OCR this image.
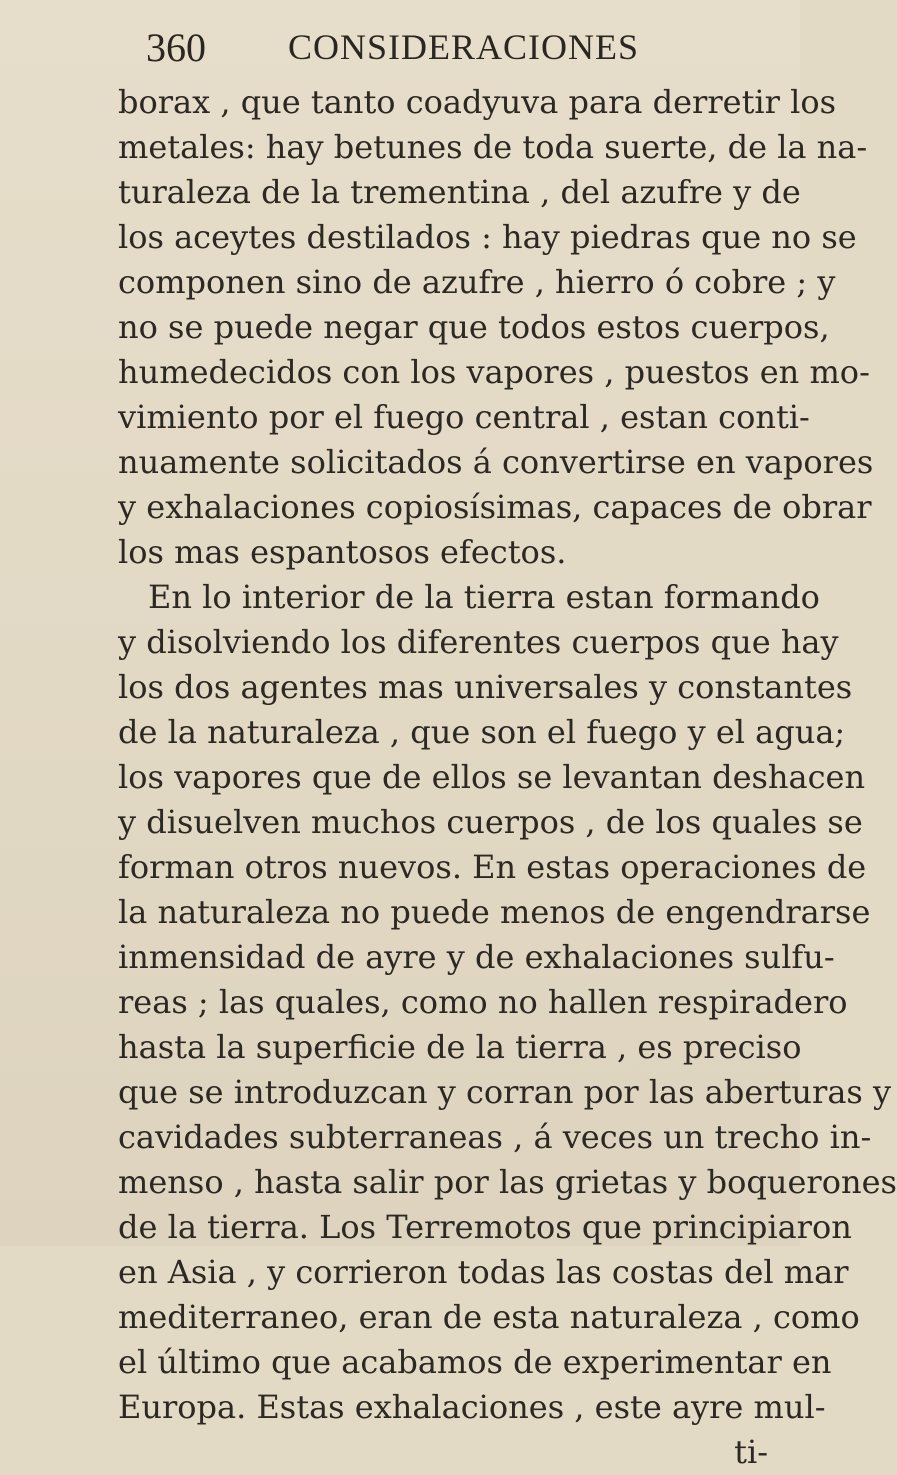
360 CONSIDERACIONES
borax , que tanto coadyuva para derretir los
metales: hay betunes de toda suerte, de la na-
turaleza de la trementina , del azufre y de
los aceytes destilados : hay piedras que no se
componen sino de azufre , hierro ó cobre ; y
no se puede negar que todos estos cuerpos,
humedecidos con los vapores , puestos en mo-
vimiento por el fuego central , estan conti-
nuamente solicitados á convertirse en vapores
y exhalaciones copiosísimas, capaces de obrar
los mas espantosos efectos.
En lo interior de la tierra estan formando
y disolviendo los diferentes cuerpos que hay
los dos agentes mas universales y constantes
de la naturaleza , que son el fuego y el agua;
los vapores que de ellos se levantan deshacen
y disuelven muchos cuerpos , de los quales se
forman otros nuevos. En estas operaciones de
la naturaleza no puede menos de engendrarse
inmensidad de ayre y de exhalaciones sulfu-
reas ; las quales, como no hallen respiradero
hasta la superficie de la tierra , es preciso
que se introduzcan y corran por las aberturas y
cavidades subterraneas , á veces un trecho in-
menso , hasta salir por las grietas y boquerones
de la tierra. Los Terremotos que principiaron
en Asia , y corrieron todas las costas del mar
mediterraneo, eran de esta naturaleza , como
el último que acabamos de experimentar en
Europa. Estas exhalaciones , este ayre mul-
ti-
